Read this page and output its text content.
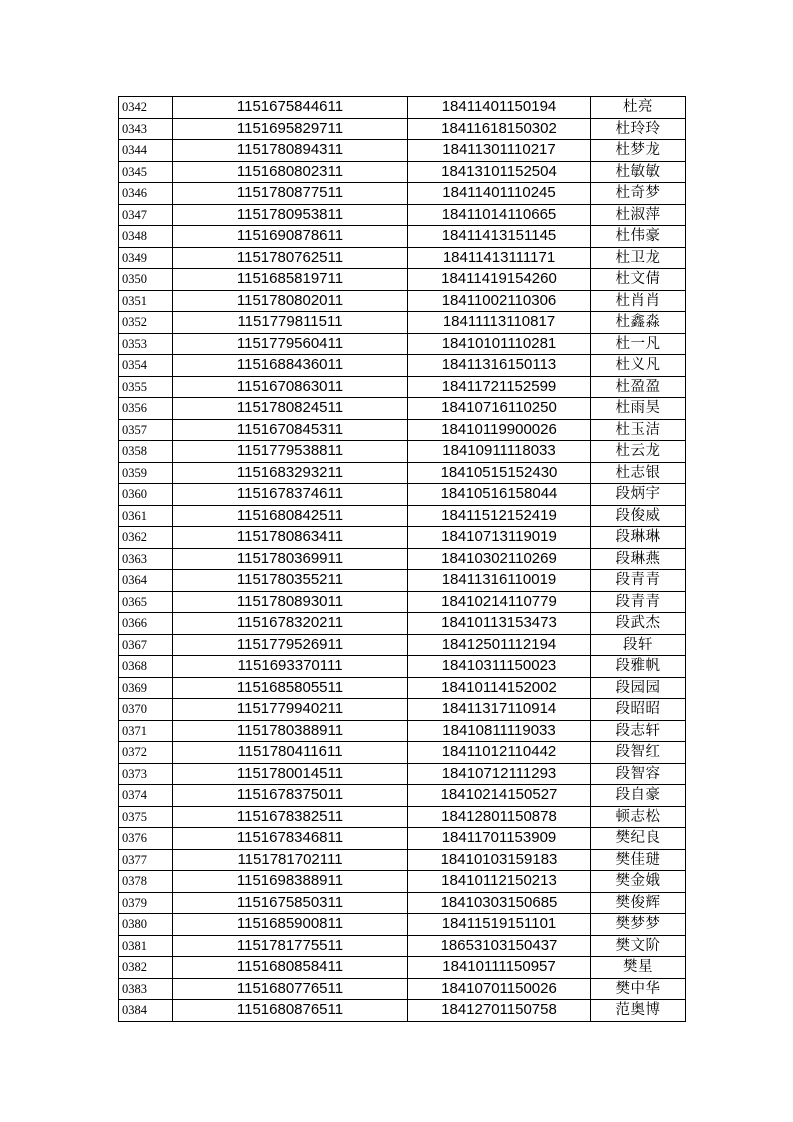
0342	1151675844611	18411401150194	杜亮
0343	1151695829711	18411618150302	杜玲玲
0344	1151780894311	18411301110217	杜梦龙
0345	1151680802311	18413101152504	杜敏敏
0346	1151780877511	18411401110245	杜奇梦
0347	1151780953811	18411014110665	杜淑萍
0348	1151690878611	18411413151145	杜伟豪
0349	1151780762511	18411413111171	杜卫龙
0350	1151685819711	18411419154260	杜文倩
0351	1151780802011	18411002110306	杜肖肖
0352	1151779811511	18411113110817	杜鑫淼
0353	1151779560411	18410101110281	杜一凡
0354	1151688436011	18411316150113	杜义凡
0355	1151670863011	18411721152599	杜盈盈
0356	1151780824511	18410716110250	杜雨昊
0357	1151670845311	18410119900026	杜玉洁
0358	1151779538811	18410911118033	杜云龙
0359	1151683293211	18410515152430	杜志银
0360	1151678374611	18410516158044	段炳宇
0361	1151680842511	18411512152419	段俊威
0362	1151780863411	18410713119019	段琳琳
0363	1151780369911	18410302110269	段琳燕
0364	1151780355211	18411316110019	段青青
0365	1151780893011	18410214110779	段青青
0366	1151678320211	18410113153473	段武杰
0367	1151779526911	18412501112194	段轩
0368	1151693370111	18410311150023	段雅帆
0369	1151685805511	18410114152002	段园园
0370	1151779940211	18411317110914	段昭昭
0371	1151780388911	18410811119033	段志轩
0372	1151780411611	18411012110442	段智红
0373	1151780014511	18410712111293	段智容
0374	1151678375011	18410214150527	段自豪
0375	1151678382511	18412801150878	顿志松
0376	1151678346811	18411701153909	樊纪良
0377	1151781702111	18410103159183	樊佳琎
0378	1151698388911	18410112150213	樊金娥
0379	1151675850311	18410303150685	樊俊辉
0380	1151685900811	18411519151101	樊梦梦
0381	1151781775511	18653103150437	樊文阶
0382	1151680858411	18410111150957	樊星
0383	1151680776511	18410701150026	樊中华
0384	1151680876511	18412701150758	范奥博
